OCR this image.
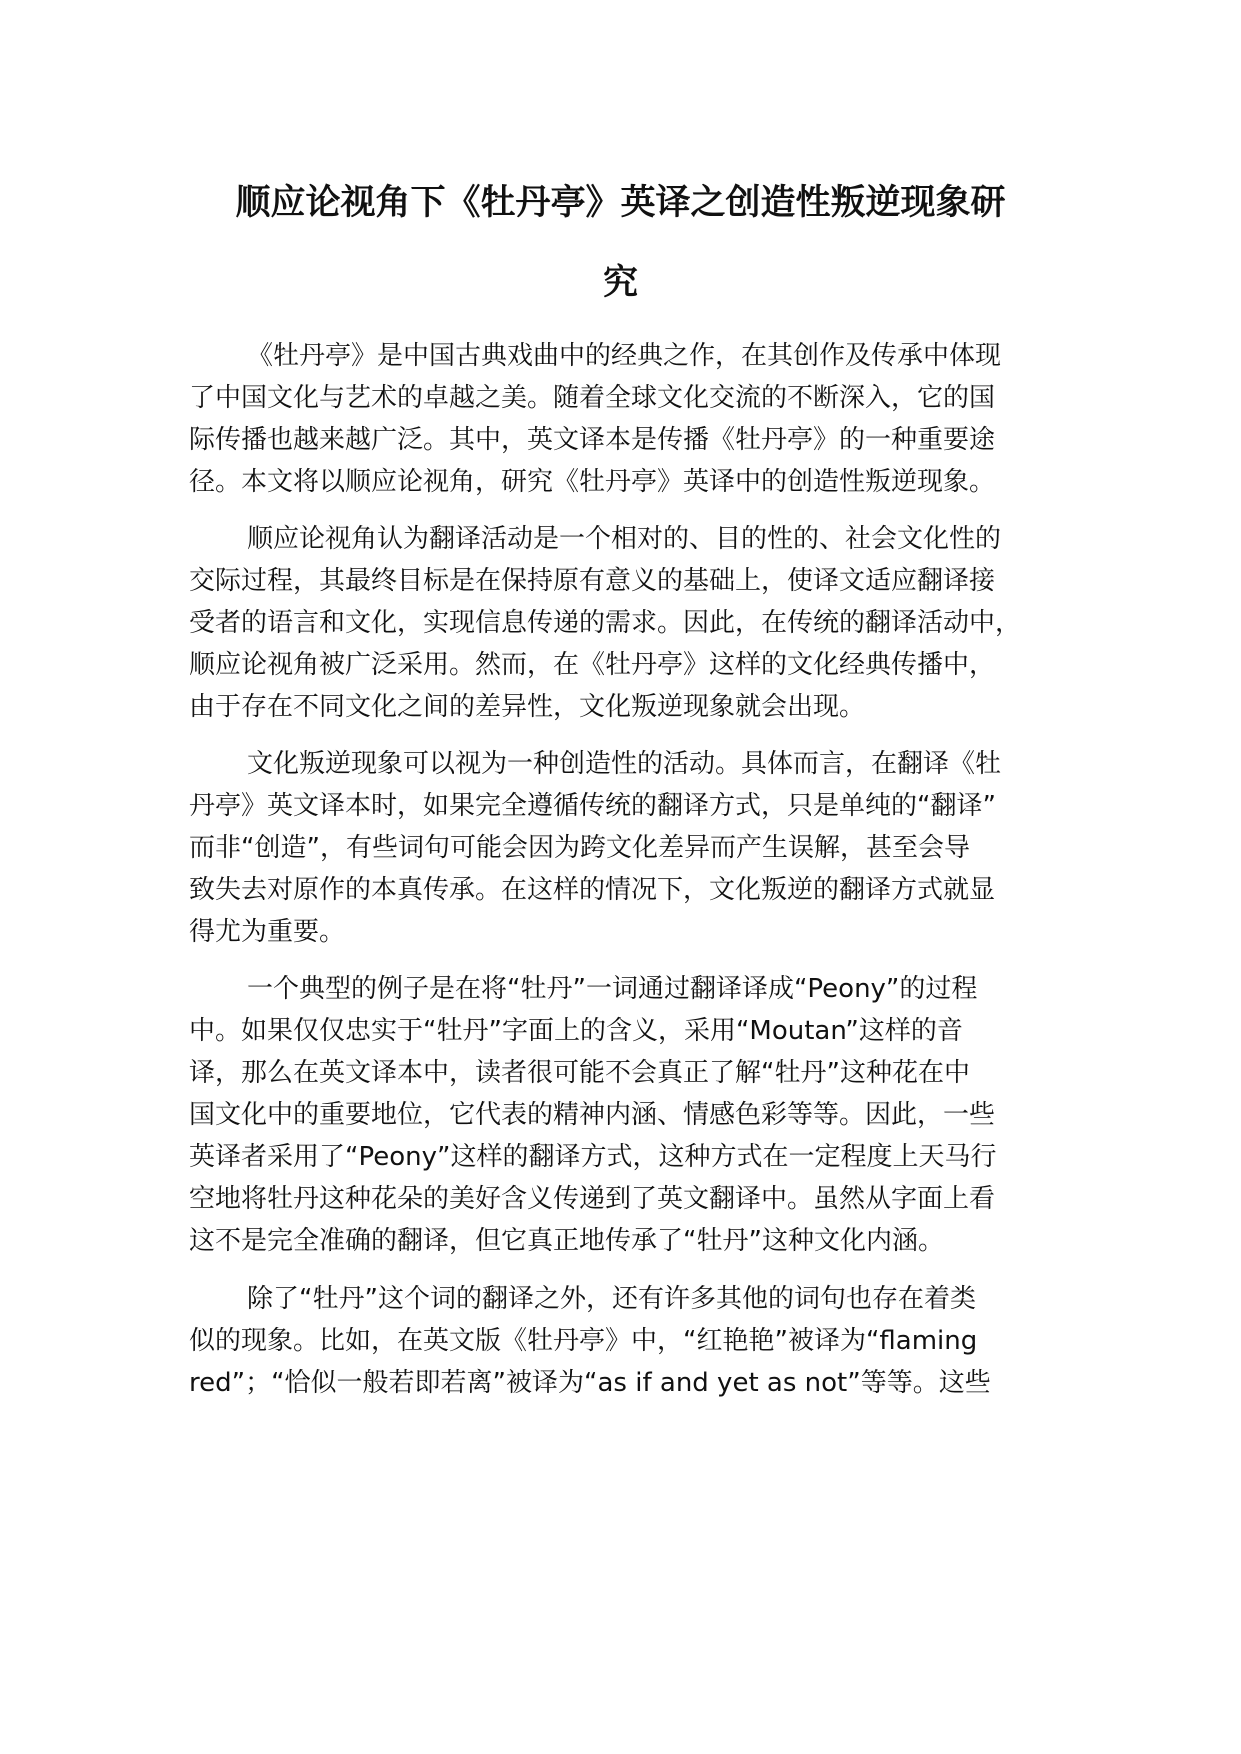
顺应论视角下《牡丹亭》英译之创造性叛逆现象研
究
《牡丹亭》是中国古典戏曲中的经典之作，在其创作及传承中体现
了中国文化与艺术的卓越之美。随着全球文化交流的不断深入，它的国
际传播也越来越广泛。其中，英文译本是传播《牡丹亭》的一种重要途
径。本文将以顺应论视角，研究《牡丹亭》英译中的创造性叛逆现象。
顺应论视角认为翻译活动是一个相对的、目的性的、社会文化性的
交际过程，其最终目标是在保持原有意义的基础上，使译文适应翻译接
受者的语言和文化，实现信息传递的需求。因此，在传统的翻译活动中，
顺应论视角被广泛采用。然而，在《牡丹亭》这样的文化经典传播中，
由于存在不同文化之间的差异性，文化叛逆现象就会出现。
文化叛逆现象可以视为一种创造性的活动。具体而言，在翻译《牡
丹亭》英文译本时，如果完全遵循传统的翻译方式，只是单纯的“翻译”
而非“创造”，有些词句可能会因为跨文化差异而产生误解，甚至会导
致失去对原作的本真传承。在这样的情况下，文化叛逆的翻译方式就显
得尤为重要。
一个典型的例子是在将“牡丹”一词通过翻译译成“Peony”的过程
中。如果仅仅忠实于“牡丹”字面上的含义，采用“Moutan”这样的音
译，那么在英文译本中，读者很可能不会真正了解“牡丹”这种花在中
国文化中的重要地位，它代表的精神内涵、情感色彩等等。因此，一些
英译者采用了“Peony”这样的翻译方式，这种方式在一定程度上天马行
空地将牡丹这种花朵的美好含义传递到了英文翻译中。虽然从字面上看
这不是完全准确的翻译，但它真正地传承了“牡丹”这种文化内涵。
除了“牡丹”这个词的翻译之外，还有许多其他的词句也存在着类
似的现象。比如，在英文版《牡丹亭》中，“红艳艳”被译为“flaming
red”；“恰似一般若即若离”被译为“as if and yet as not”等等。这些
